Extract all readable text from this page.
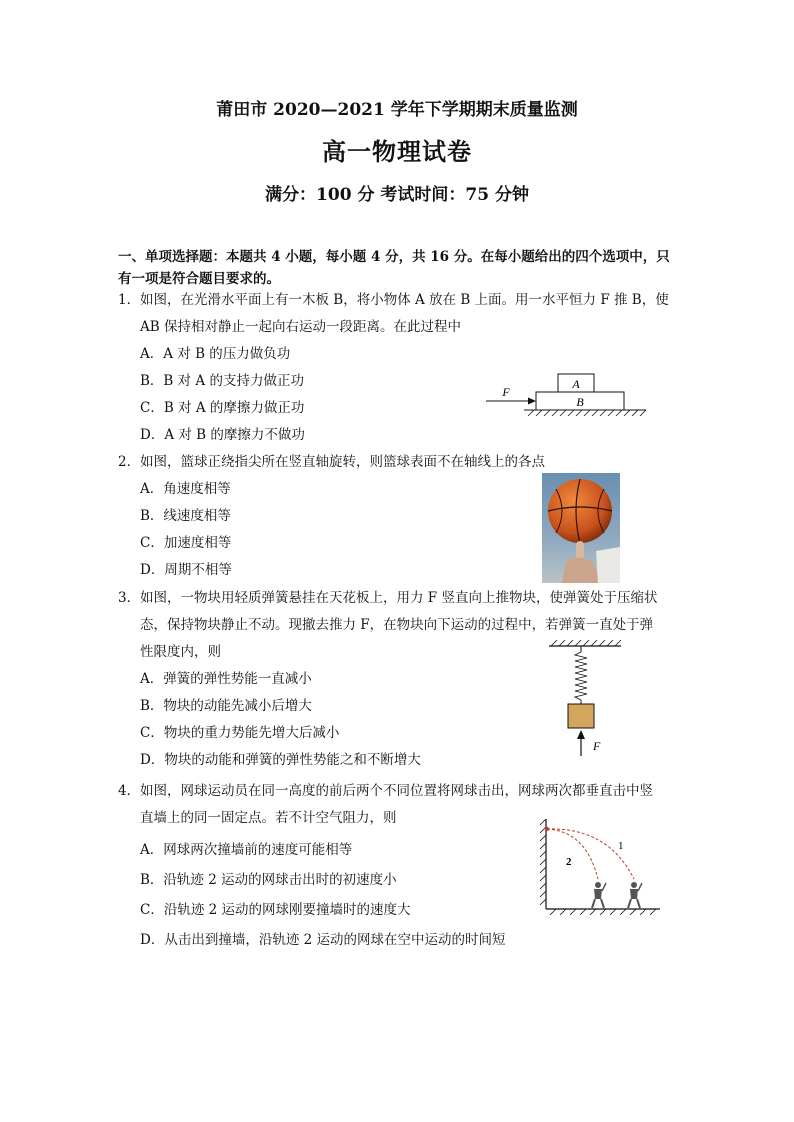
莆田市 2020—2021 学年下学期期末质量监测
高一物理试卷
满分：100 分 考试时间：75 分钟
一、单项选择题：本题共 4 小题，每小题 4 分，共 16 分。在每小题给出的四个选项中，只有一项是符合题目要求的。
1．如图，在光滑水平面上有一木板 B，将小物体 A 放在 B 上面。用一水平恒力 F 推 B，使
AB 保持相对静止一起向右运动一段距离。在此过程中
A．A 对 B 的压力做负功
B．B 对 A 的支持力做正功
C．B 对 A 的摩擦力做正功
D．A 对 B 的摩擦力不做功
A
B
F
2．如图，篮球正绕指尖所在竖直轴旋转，则篮球表面不在轴线上的各点
A．角速度相等
B．线速度相等
C．加速度相等
D．周期不相等
3．如图，一物块用轻质弹簧悬挂在天花板上，用力 F 竖直向上推物块，使弹簧处于压缩状
态，保持物块静止不动。现撤去推力 F，在物块向下运动的过程中，若弹簧一直处于弹
性限度内，则
A．弹簧的弹性势能一直减小
B．物块的动能先减小后增大
C．物块的重力势能先增大后减小
D．物块的动能和弹簧的弹性势能之和不断增大
F
4．如图，网球运动员在同一高度的前后两个不同位置将网球击出，网球两次都垂直击中竖
直墙上的同一固定点。若不计空气阻力，则
A．网球两次撞墙前的速度可能相等
B．沿轨迹 2 运动的网球击出时的初速度小
C．沿轨迹 2 运动的网球刚要撞墙时的速度大
D．从击出到撞墙，沿轨迹 2 运动的网球在空中运动的时间短
1
2
